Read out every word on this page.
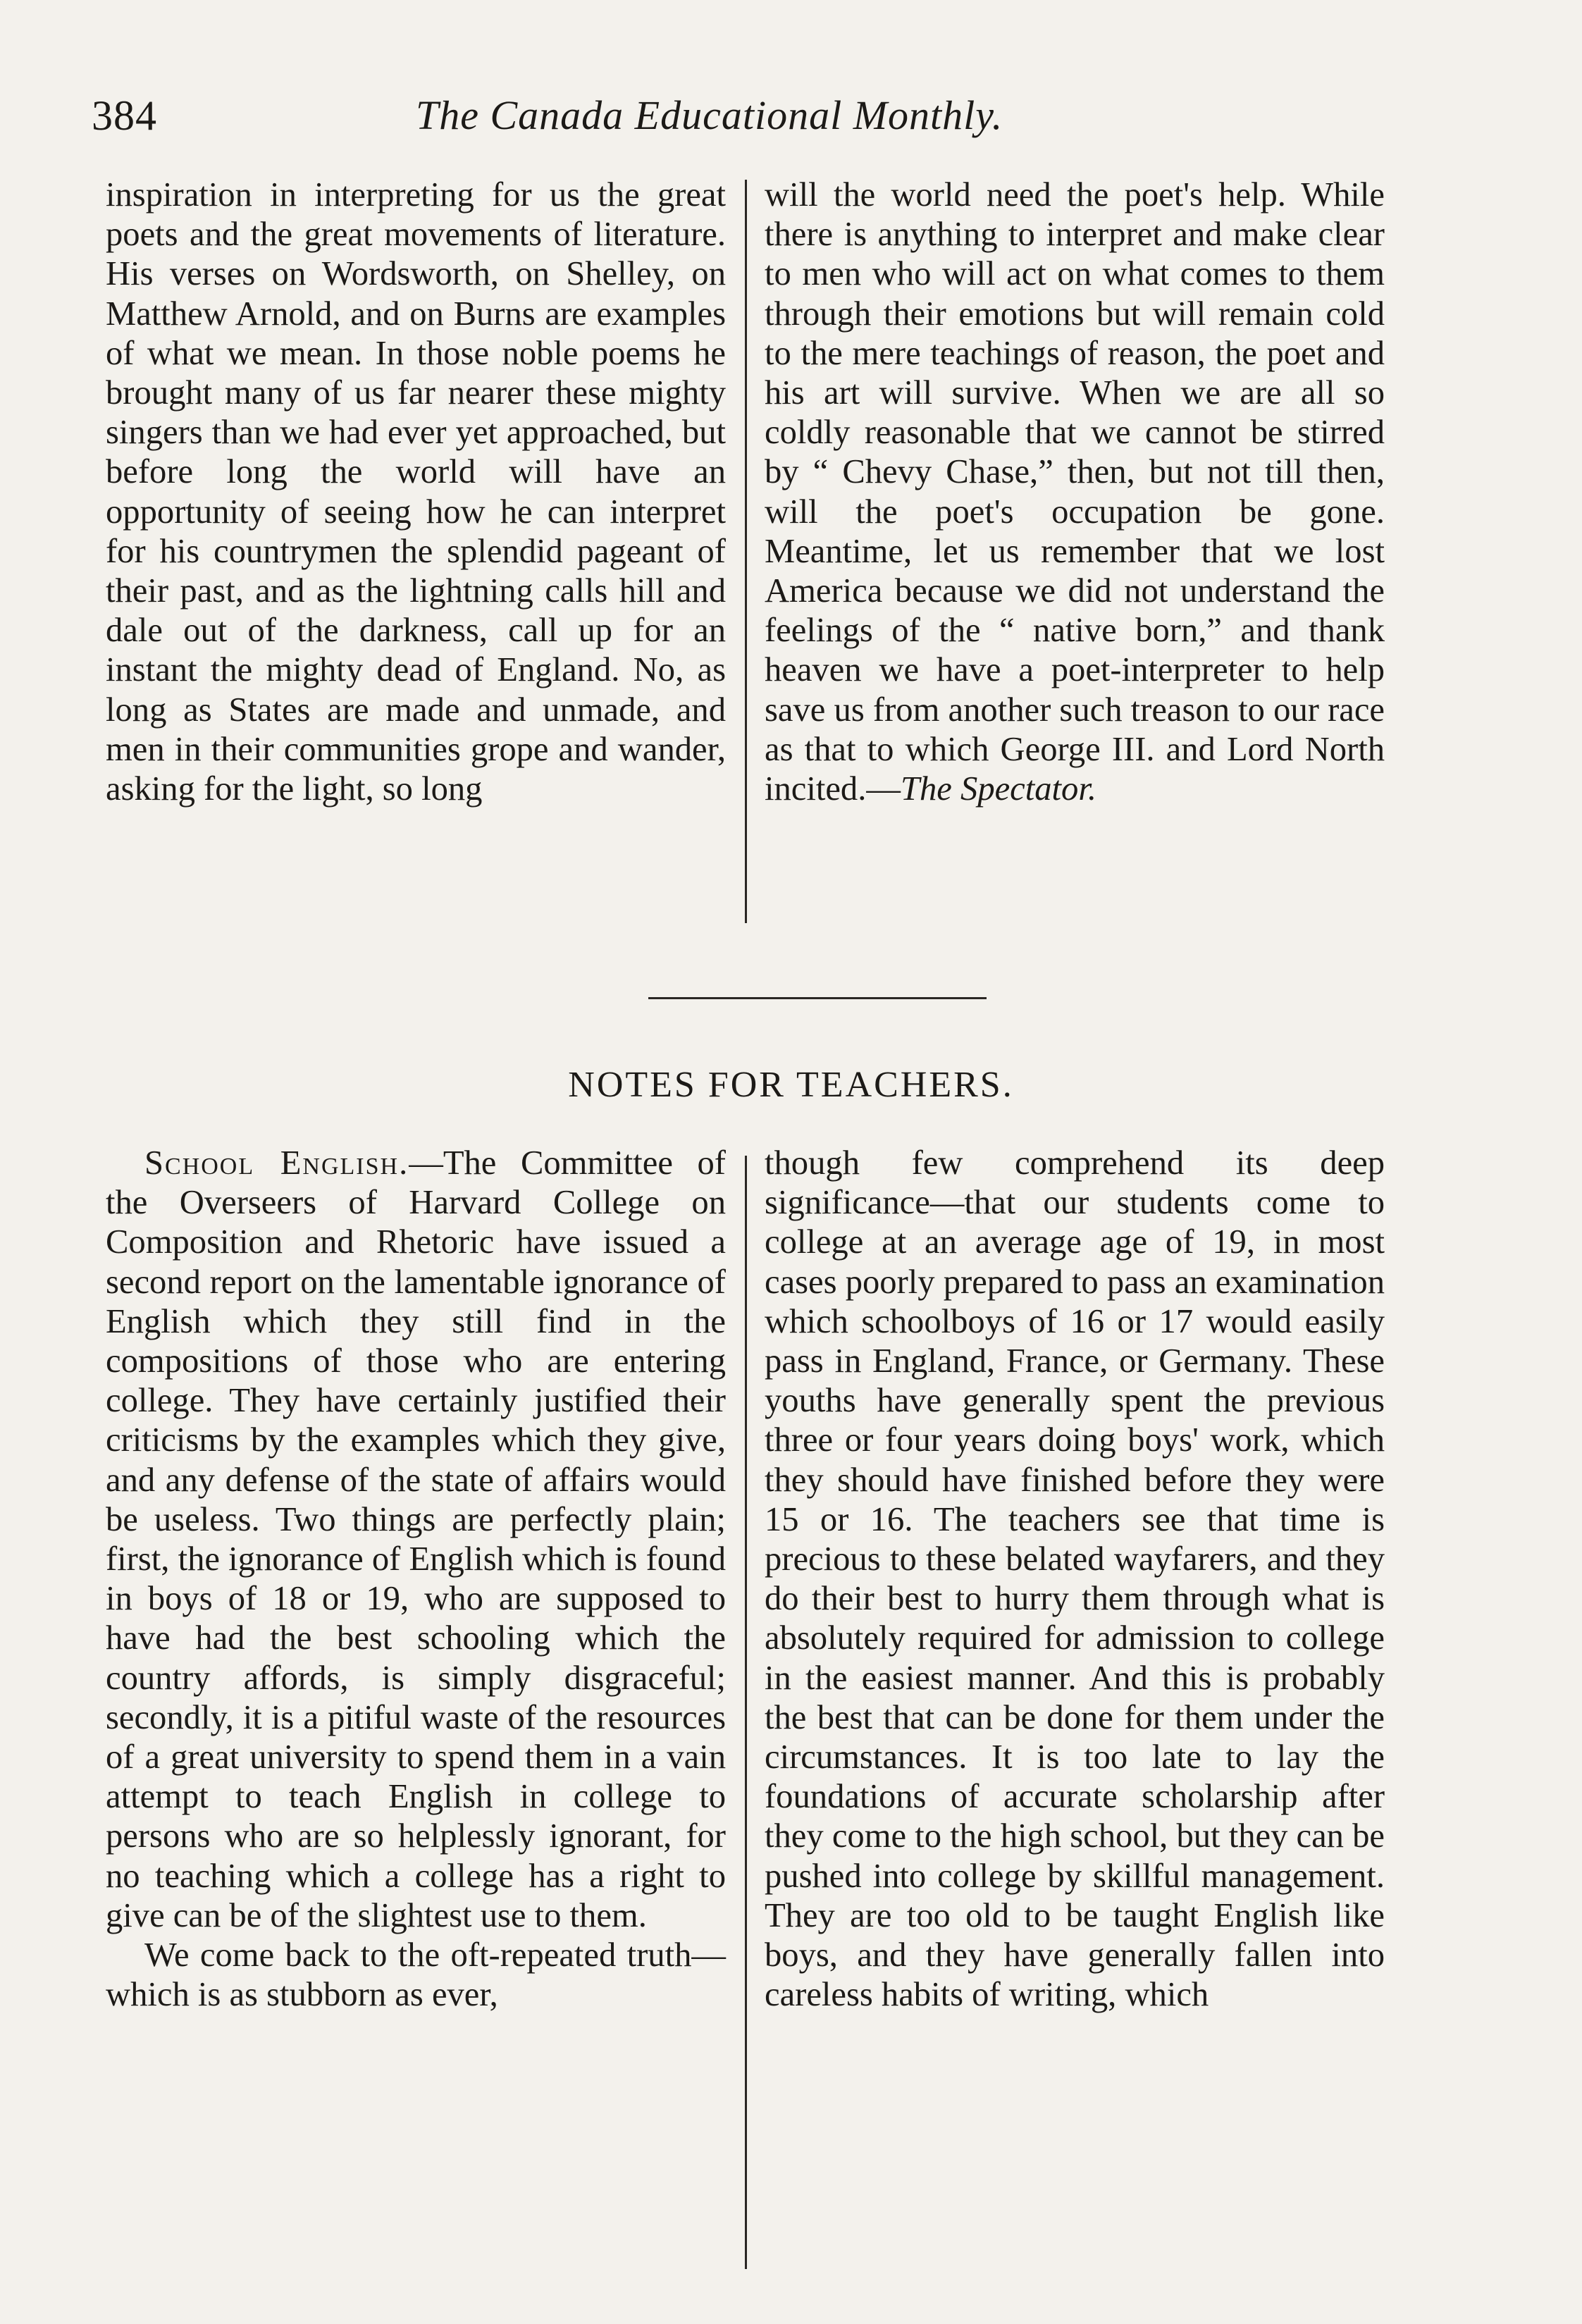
384	The Canada Educational Monthly.

inspiration in interpreting for us the great poets and the great movements of literature. His verses on Wordsworth, on Shelley, on Matthew Arnold, and on Burns are examples of what we mean. In those noble poems he brought many of us far nearer these mighty singers than we had ever yet approached, but before long the world will have an opportunity of seeing how he can interpret for his countrymen the splendid pageant of their past, and as the lightning calls hill and dale out of the darkness, call up for an instant the mighty dead of England. No, as long as States are made and unmade, and men in their communities grope and wander, asking for the light, so long

will the world need the poet's help. While there is anything to interpret and make clear to men who will act on what comes to them through their emotions but will remain cold to the mere teachings of reason, the poet and his art will survive. When we are all so coldly reasonable that we cannot be stirred by “ Chevy Chase,” then, but not till then, will the poet's occupation be gone. Meantime, let us remember that we lost America because we did not understand the feelings of the “ native born,” and thank heaven we have a poet-interpreter to help save us from another such treason to our race as that to which George III. and Lord North incited.—The Spectator.

NOTES FOR TEACHERS.

School English.—The Committee of the Overseers of Harvard College on Composition and Rhetoric have issued a second report on the lamentable ignorance of English which they still find in the compositions of those who are entering college. They have certainly justified their criticisms by the examples which they give, and any defense of the state of affairs would be useless. Two things are perfectly plain; first, the ignorance of English which is found in boys of 18 or 19, who are supposed to have had the best schooling which the country affords, is simply disgraceful; secondly, it is a pitiful waste of the resources of a great university to spend them in a vain attempt to teach English in college to persons who are so helplessly ignorant, for no teaching which a college has a right to give can be of the slightest use to them.

We come back to the oft-repeated truth—which is as stubborn as ever,

though few comprehend its deep significance—that our students come to college at an average age of 19, in most cases poorly prepared to pass an examination which schoolboys of 16 or 17 would easily pass in England, France, or Germany. These youths have generally spent the previous three or four years doing boys' work, which they should have finished before they were 15 or 16. The teachers see that time is precious to these belated wayfarers, and they do their best to hurry them through what is absolutely required for admission to college in the easiest manner. And this is probably the best that can be done for them under the circumstances. It is too late to lay the foundations of accurate scholarship after they come to the high school, but they can be pushed into college by skillful management. They are too old to be taught English like boys, and they have generally fallen into careless habits of writing, which
